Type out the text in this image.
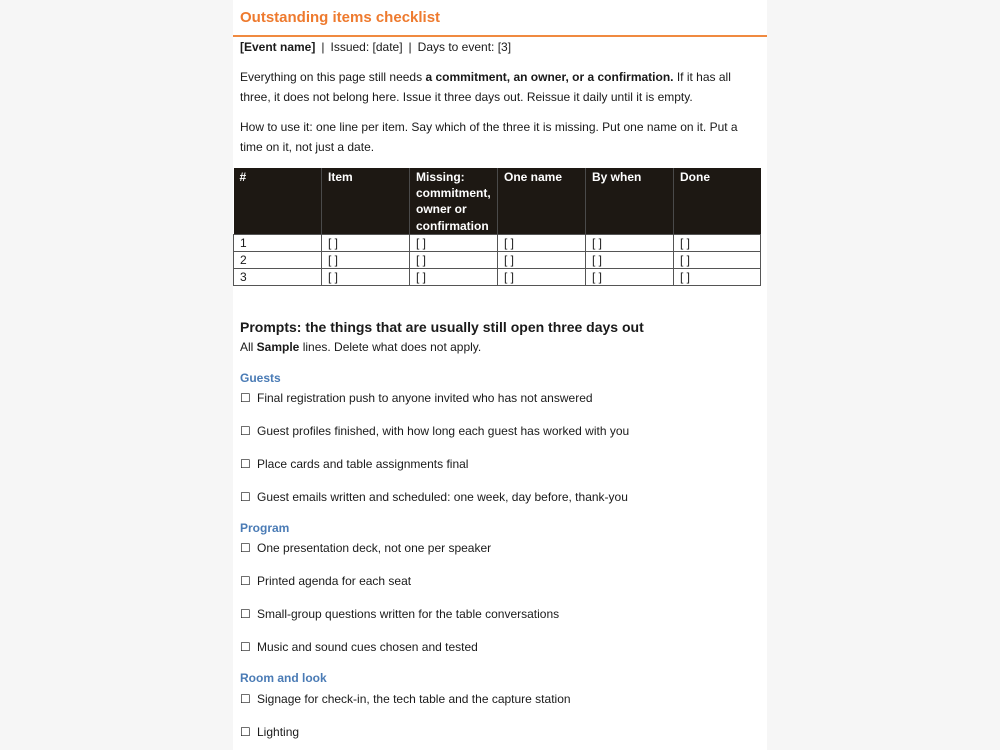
Outstanding items checklist
[Event name] | Issued: [date] | Days to event: [3]
Everything on this page still needs a commitment, an owner, or a confirmation. If it has all three, it does not belong here. Issue it three days out. Reissue it daily until it is empty.
How to use it: one line per item. Say which of the three it is missing. Put one name on it. Put a time on it, not just a date.
#	Item	Missing: commitment, owner or confirmation	One name	By when	Done
1	[ ]	[ ]	[ ]	[ ]	[ ]
2	[ ]	[ ]	[ ]	[ ]	[ ]
3	[ ]	[ ]	[ ]	[ ]	[ ]
Prompts: the things that are usually still open three days out
All Sample lines. Delete what does not apply.
Guests
☐ Final registration push to anyone invited who has not answered
☐ Guest profiles finished, with how long each guest has worked with you
☐ Place cards and table assignments final
☐ Guest emails written and scheduled: one week, day before, thank-you
Program
☐ One presentation deck, not one per speaker
☐ Printed agenda for each seat
☐ Small-group questions written for the table conversations
☐ Music and sound cues chosen and tested
Room and look
☐ Signage for check-in, the tech table and the capture station
☐ Lighting
